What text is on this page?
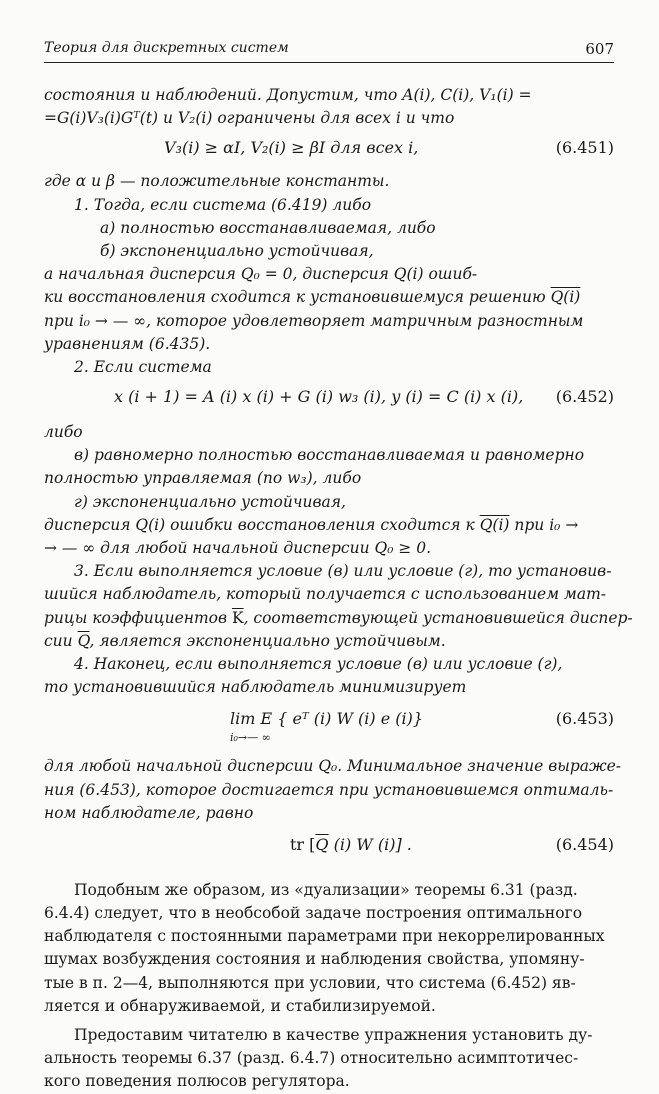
Теория для дискретных систем	607
состояния и наблюдений. Допустим, что A(i), C(i), V₁(i) =
=G(i)V₃(i)Gᵀ(t) и V₂(i) ограничены для всех i и что
V₃(i) ≥ αI, V₂(i) ≥ βI для всех i,	(6.451)
где α и β — положительные константы.
1. Тогда, если система (6.419) либо
а) полностью восстанавливаемая, либо
б) экспоненциально устойчивая,
а начальная дисперсия Q₀ = 0, дисперсия Q(i) ошиб-
ки восстановления сходится к установившемуся решению Q(i)
при i₀ → — ∞, которое удовлетворяет матричным разностным
уравнениям (6.435).
2. Если система
x (i + 1) = A (i) x (i) + G (i) w₃ (i), y (i) = C (i) x (i), (6.452)
либо
в) равномерно полностью восстанавливаемая и равномерно
полностью управляемая (по w₃), либо
г) экспоненциально устойчивая,
дисперсия Q(i) ошибки восстановления сходится к Q(i) при i₀ →
→ — ∞ для любой начальной дисперсии Q₀ ≥ 0.
3. Если выполняется условие (в) или условие (г), то установив-
шийся наблюдатель, который получается с использованием мат-
рицы коэффициентов $\overline{K}$, соответствующей установившейся диспер-
сии $\overline{Q}$, является экспоненциально устойчивым.
4. Наконец, если выполняется условие (в) или условие (г),
то установившийся наблюдатель минимизирует
lim E { eᵀ (i) W (i) e (i)}
i₀→— ∞
(6.453)
для любой начальной дисперсии Q₀. Минимальное значение выраже-
ния (6.453), которое достигается при установившемся оптималь-
ном наблюдателе, равно
tr [$\overline{Q}$ (i) W (i)] .	(6.454)
Подобным же образом, из «дуализации» теоремы 6.31 (разд.
6.4.4) следует, что в необсобой задаче построения оптимального
наблюдателя с постоянными параметрами при некоррелированных
шумах возбуждения состояния и наблюдения свойства, упомяну-
тые в п. 2—4, выполняются при условии, что система (6.452) яв-
ляется и обнаруживаемой, и стабилизируемой.
Предоставим читателю в качестве упражнения установить ду-
альность теоремы 6.37 (разд. 6.4.7) относительно асимптотичес-
кого поведения полюсов регулятора.
